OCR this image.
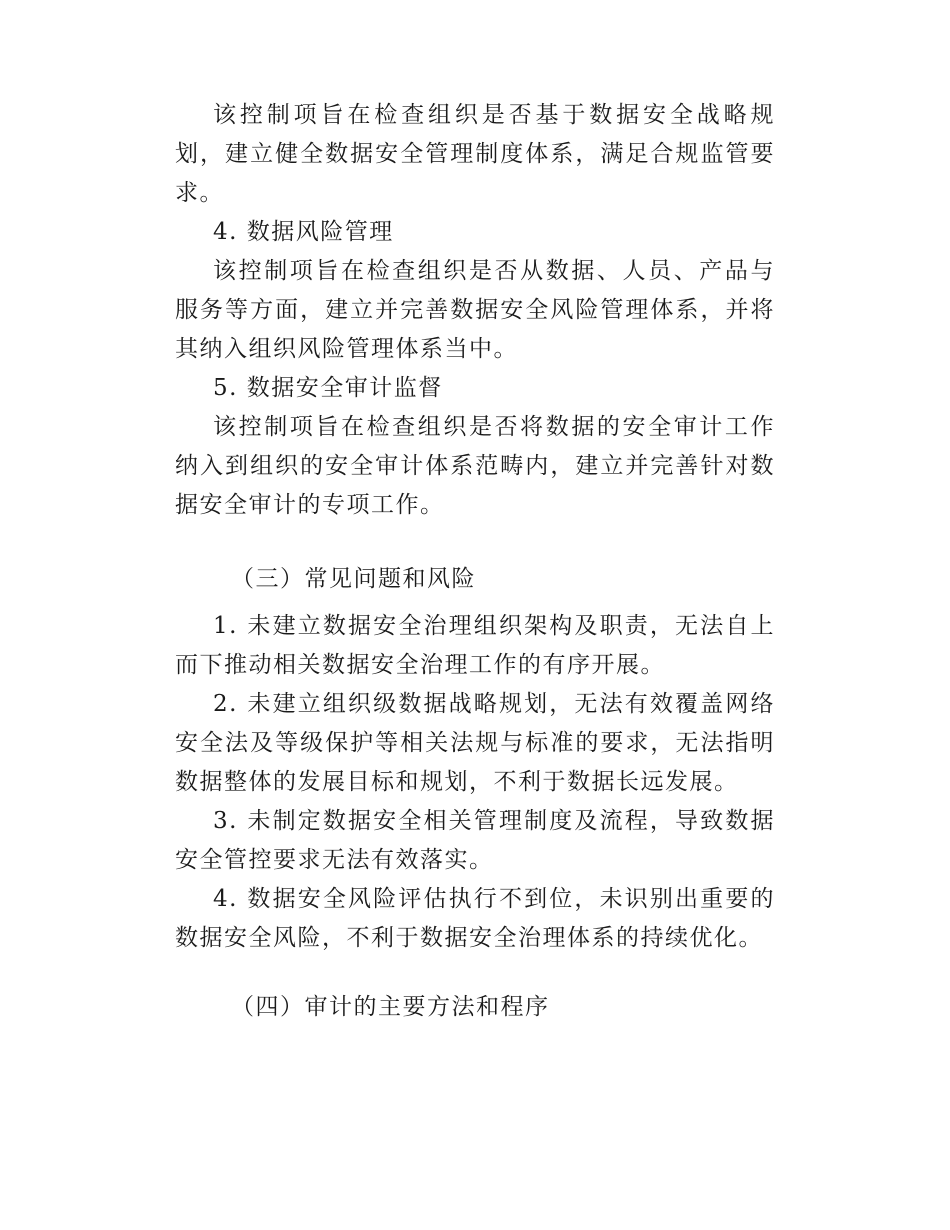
该控制项旨在检查组织是否基于数据安全战略规划，建立健全数据安全管理制度体系，满足合规监管要求。

4. 数据风险管理

该控制项旨在检查组织是否从数据、人员、产品与服务等方面，建立并完善数据安全风险管理体系，并将其纳入组织风险管理体系当中。

5. 数据安全审计监督

该控制项旨在检查组织是否将数据的安全审计工作纳入到组织的安全审计体系范畴内，建立并完善针对数据安全审计的专项工作。

（三）常见问题和风险

1. 未建立数据安全治理组织架构及职责，无法自上而下推动相关数据安全治理工作的有序开展。

2. 未建立组织级数据战略规划，无法有效覆盖网络安全法及等级保护等相关法规与标准的要求，无法指明数据整体的发展目标和规划，不利于数据长远发展。

3. 未制定数据安全相关管理制度及流程，导致数据安全管控要求无法有效落实。

4. 数据安全风险评估执行不到位，未识别出重要的数据安全风险，不利于数据安全治理体系的持续优化。

（四）审计的主要方法和程序
